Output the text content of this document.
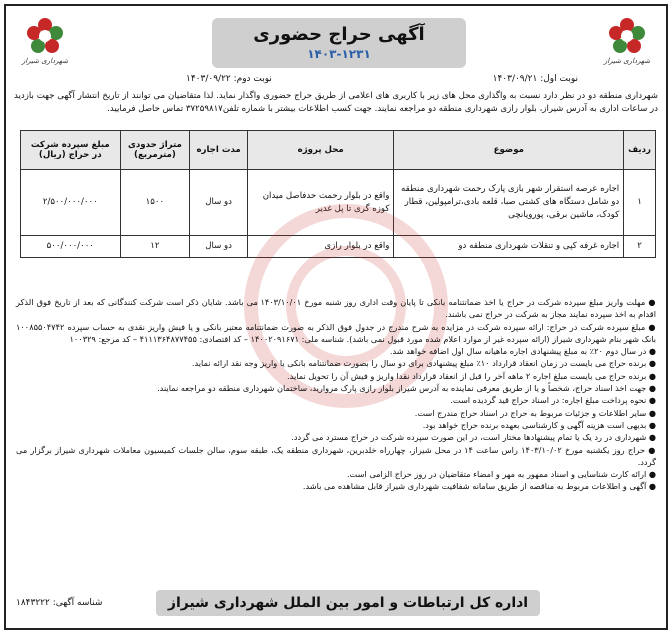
شهرداری شیراز
شهرداری شیراز
آگهی حراج حضوری
۱۴۰۳-۱۲۳۱
نوبت اول: ۱۴۰۳/۰۹/۲۱
نوبت دوم: ۱۴۰۳/۰۹/۲۲
شهرداری منطقه دو در نظر دارد نسبت به واگذاری محل های زیر با کاربری های اعلامی از طریق حراج حضوری واگذار نماید. لذا متقاضیان می توانند از تاریخ انتشار آگهی جهت بازدید در ساعات اداری به آدرس شیراز، بلوار رازی شهرداری منطقه دو مراجعه نمایند. جهت کسب اطلاعات بیشتر با شماره تلفن۳۷۲۵۹۸۱۷ تماس حاصل فرمایید.
ردیف	موضوع	محل پروژه	مدت اجاره	متراژ حدودی (مترمربع)	مبلغ سپرده شرکت در حراج (ریال)
۱	اجاره عرصه استقرار شهر بازی پارک رحمت شهرداری منطقه دو شامل دستگاه های کشتی صبا، قلعه بادی،ترامپولین، قطار کودک، ماشین برقی، پورویانچی	واقع در بلوار رحمت حدفاصل میدان کوزه گری تا پل غدیر	دو سال	۱۵۰۰	۲/۵۰۰/۰۰۰/۰۰۰
۲	اجاره غرفه کپی و تنقلات شهرداری منطقه دو	واقع در بلوار رازی	دو سال	۱۲	۵۰۰/۰۰۰/۰۰۰

● مهلت واریز مبلغ سپرده شرکت در حراج یا اخذ ضمانتنامه بانکی تا پایان وقت اداری روز شنبه مورخ ۱۴۰۳/۱۰/۰۱ می باشد. شایان ذکر است شرکت کنندگانی که بعد از تاریخ فوق الذکر اقدام به اخذ سپرده نمایند مجاز به شرکت در حراج نمی باشند.

● مبلغ سپرده شرکت در حراج: ارائه سپرده شرکت در مزایده به شرح مندرج در جدول فوق الذکر به صورت ضمانتنامه معتبر بانکی و یا فیش واریز نقدی به حساب سپرده ۱۰۰۸۵۵۰۴۷۴۲ بانک شهر بنام شهرداری شیراز (ارائه سپرده غیر از موارد اعلام شده مورد قبول نمی باشد). شناسه ملی: ۱۴۰۰۲۰۹۱۶۷۱ – کد اقتصادی: ۴۱۱۱۳۶۴۸۷۷۴۵۵ – کد مرجع: ۱۰۰۳۲۹

● در سال دوم ۲۰٪ به مبلغ پیشنهادی اجاره ماهیانه سال اول اضافه خواهد شد.

● برنده حراج می بایست در زمان انعقاد قرارداد ۱۰٪ مبلغ پیشنهادی برای دو سال را بصورت ضمانتنامه بانکی یا واریز وجه نقد ارائه نماید.

● برنده حراج می بایست مبلغ اجاره ۲ ماهه آخر را قبل از انعقاد قرارداد نقدا واریز و فیش آن را تحویل نماید.

● جهت اخذ اسناد حراج، شخصاً و یا از طریق معرفی نماینده به آدرس شیراز بلوار رازی پارک مروارید، ساختمان شهرداری منطقه دو مراجعه نمایند.

● نحوه پرداخت مبلغ اجاره: در اسناد حراج قید گردیده است.

● سایر اطلاعات و جزئیات مربوط به حراج در اسناد حراج مندرج است.

● بدیهی است هزینه آگهی و کارشناسی بعهده برنده حراج خواهد بود.

● شهرداری در رد یک یا تمام پیشنهادها مختار است، در این صورت سپرده شرکت در حراج مسترد می گردد.

● حراج روز یکشنبه مورخ ۱۴۰۳/۱۰/۰۲ راس ساعت ۱۴ در محل شیراز، چهارراه خلدبرین، شهرداری منطقه یک، طبقه سوم، سالن جلسات کمیسیون معاملات شهرداری شیراز برگزار می گردد.

● ارائه کارت شناسایی و اسناد ممهور به مهر و امضاء متقاضیان در روز حراج الزامی است.

● آگهی و اطلاعات مربوط به مناقصه از طریق سامانه شفافیت شهرداری شیراز قابل مشاهده می باشد.

اداره کل ارتباطات و امور بین الملل شهرداری شیراز
شناسه آگهی: ۱۸۴۳۲۲۲
